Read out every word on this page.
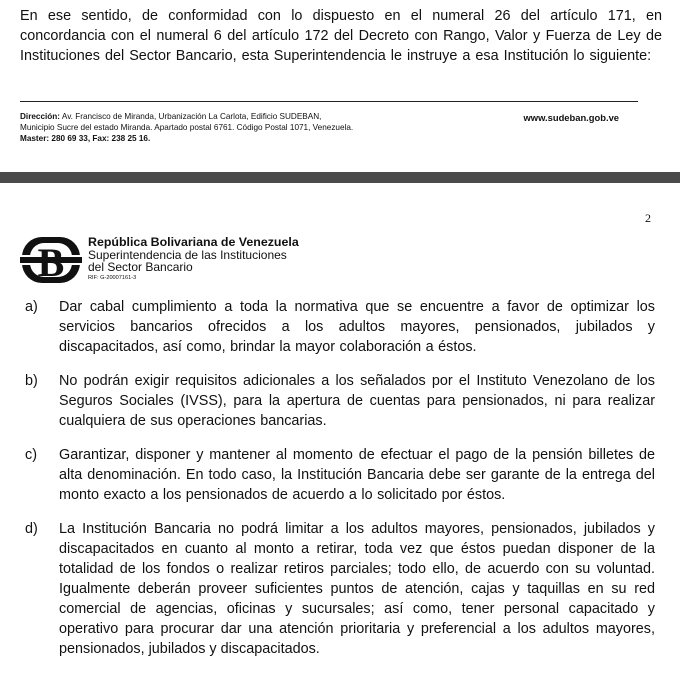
En ese sentido, de conformidad con lo dispuesto en el numeral 26 del artículo 171, en concordancia con el numeral 6 del artículo 172 del Decreto con Rango, Valor y Fuerza de Ley de Instituciones del Sector Bancario, esta Superintendencia le instruye a esa Institución lo siguiente:
Dirección: Av. Francisco de Miranda, Urbanización La Carlota, Edificio SUDEBAN,
Municipio Sucre del estado Miranda. Apartado postal 6761. Código Postal 1071, Venezuela.
Master: 280 69 33, Fax: 238 25 16.
www.sudeban.gob.ve
2
B República Bolivariana de Venezuela
Superintendencia de las Instituciones
del Sector Bancario
RIF: G-20007161-3
a) Dar cabal cumplimiento a toda la normativa que se encuentre a favor de optimizar los servicios bancarios ofrecidos a los adultos mayores, pensionados, jubilados y discapacitados, así como, brindar la mayor colaboración a éstos.
b) No podrán exigir requisitos adicionales a los señalados por el Instituto Venezolano de los Seguros Sociales (IVSS), para la apertura de cuentas para pensionados, ni para realizar cualquiera de sus operaciones bancarias.
c) Garantizar, disponer y mantener al momento de efectuar el pago de la pensión billetes de alta denominación. En todo caso, la Institución Bancaria debe ser garante de la entrega del monto exacto a los pensionados de acuerdo a lo solicitado por éstos.
d) La Institución Bancaria no podrá limitar a los adultos mayores, pensionados, jubilados y discapacitados en cuanto al monto a retirar, toda vez que éstos puedan disponer de la totalidad de los fondos o realizar retiros parciales; todo ello, de acuerdo con su voluntad. Igualmente deberán proveer suficientes puntos de atención, cajas y taquillas en su red comercial de agencias, oficinas y sucursales; así como, tener personal capacitado y operativo para procurar dar una atención prioritaria y preferencial a los adultos mayores, pensionados, jubilados y discapacitados.
